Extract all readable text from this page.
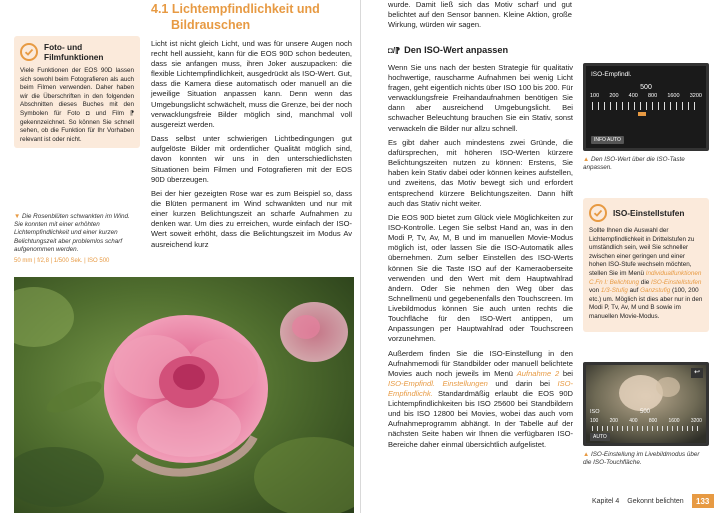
Foto- und Filmfunktionen

Viele Funktionen der EOS 90D lassen sich sowohl beim Fotografieren als auch beim Filmen verwenden. Daher haben wir die Überschriften in den folgenden Abschnitten dieses Buches mit den Symbolen für Foto ◘ und Film ⁋ gekennzeichnet. So können Sie schnell sehen, ob die Funktion für Ihr Vorhaben relevant ist oder nicht.

▼ Die Rosenblüten schwankten im Wind. Sie konnten mit einer erhöhten Lichtempfindlichkeit und einer kurzen Belichtungszeit aber problemlos scharf aufgenommen werden.
50 mm | f/2,8 | 1/500 Sek. | ISO 500
4.1 Lichtempfindlichkeit und
Bildrauschen

Licht ist nicht gleich Licht, und was für unsere Augen noch recht hell aussieht, kann für die EOS 90D schon bedeuten, dass sie anfangen muss, ihren Joker auszupacken: die flexible Lichtempfindlichkeit, ausgedrückt als ISO-Wert. Gut, dass die Kamera diese automatisch oder manuell an die jeweilige Situation anpassen kann. Denn wenn das Umgebungslicht schwächelt, muss die Grenze, bei der noch verwacklungsfreie Bilder möglich sind, manchmal voll ausgereizt werden.

Dass selbst unter schwierigen Lichtbedingungen gut aufgelöste Bilder mit ordentlicher Qualität möglich sind, davon konnten wir uns in den unterschiedlichsten Situationen beim Filmen und Fotografieren mit der EOS 90D überzeugen.

Bei der hier gezeigten Rose war es zum Beispiel so, dass die Blüten permanent im Wind schwankten und nur mit einer kurzen Belichtungszeit an scharfe Aufnahmen zu denken war. Um dies zu erreichen, wurde einfach der ISO-Wert soweit erhöht, dass die Belichtungszeit im Modus Av ausreichend kurz

wurde. Damit ließ sich das Motiv scharf und gut belichtet auf den Sensor bannen. Kleine Aktion, große Wirkung, würden wir sagen.
◘/⁋ Den ISO-Wert anpassen

Wenn Sie uns nach der besten Strategie für qualitativ hochwertige, rauscharme Aufnahmen bei wenig Licht fragen, geht eigentlich nichts über ISO 100 bis 200. Für verwacklungsfreie Freihandaufnahmen benötigen Sie dann aber ausreichend Umgebungslicht. Bei schwacher Beleuchtung brauchen Sie ein Stativ, sonst verwackeln die Bilder nur allzu schnell.

Es gibt daher auch mindestens zwei Gründe, die dafürsprechen, mit höheren ISO-Werten kürzere Belichtungszeiten nutzen zu können: Erstens, Sie haben kein Stativ dabei oder können keines aufstellen, und zweitens, das Motiv bewegt sich und erfordert entsprechend kürzere Belichtungszeiten. Dann hilft auch das Stativ nicht weiter.

Die EOS 90D bietet zum Glück viele Möglichkeiten zur ISO-Kontrolle. Legen Sie selbst Hand an, was in den Modi P, Tv, Av, M, B und im manuellen Movie-Modus möglich ist, oder lassen Sie die ISO-Automatik alles übernehmen. Zum selber Einstellen des ISO-Werts können Sie die Taste ISO auf der Kameraoberseite verwenden und den Wert mit dem Hauptwahlrad ändern. Oder Sie nehmen den Weg über das Schnellmenü und gegebenenfalls den Touchscreen. Im Livebildmodus können Sie auch unten rechts die Touchfläche für den ISO-Wert antippen, um Anpassungen per Hauptwahlrad oder Touchscreen vorzunehmen.

Außerdem finden Sie die ISO-Einstellung in den Aufnahmemodi für Standbilder oder manuell belichtete Movies auch noch jeweils im Menü Aufnahme 2 bei ISO-Empfindl. Einstellungen und darin bei ISO-Empfindlichk. Standardmäßig erlaubt die EOS 90D Lichtempfindlichkeiten bis ISO 25600 bei Standbildern und bis ISO 12800 bei Movies, wobei das auch vom Aufnahmeprogramm abhängt. In der Tabelle auf der nächsten Seite haben wir Ihnen die verfügbaren ISO-Bereiche daher einmal übersichtlich aufgelistet.

ISO-Empfindl.
500
100 200 400 800 1600 3200
INFO AUTO
▲ Den ISO-Wert über die ISO-Taste anpassen.
ISO-Einstellstufen

Sollte Ihnen die Auswahl der Lichtempfindlichkeit in Drittelstufen zu umständlich sein, weil Sie schneller zwischen einer geringen und einer hohen ISO-Stufe wechseln möchten, stellen Sie im Menü Individualfunktionen C.Fn I: Belichtung die ISO-Einstellstufen von 1/3-Stufig auf Ganzstufig (100, 200 etc.) um. Möglich ist dies aber nur in den Modi P, Tv, Av, M und B sowie im manuellen Movie-Modus.

↩
ISO	500
100 200 400 800 1600 3200
AUTO
▲ ISO-Einstellung im Livebildmodus über die ISO-Touchfläche.
Kapitel 4 Gekonnt belichten	133
